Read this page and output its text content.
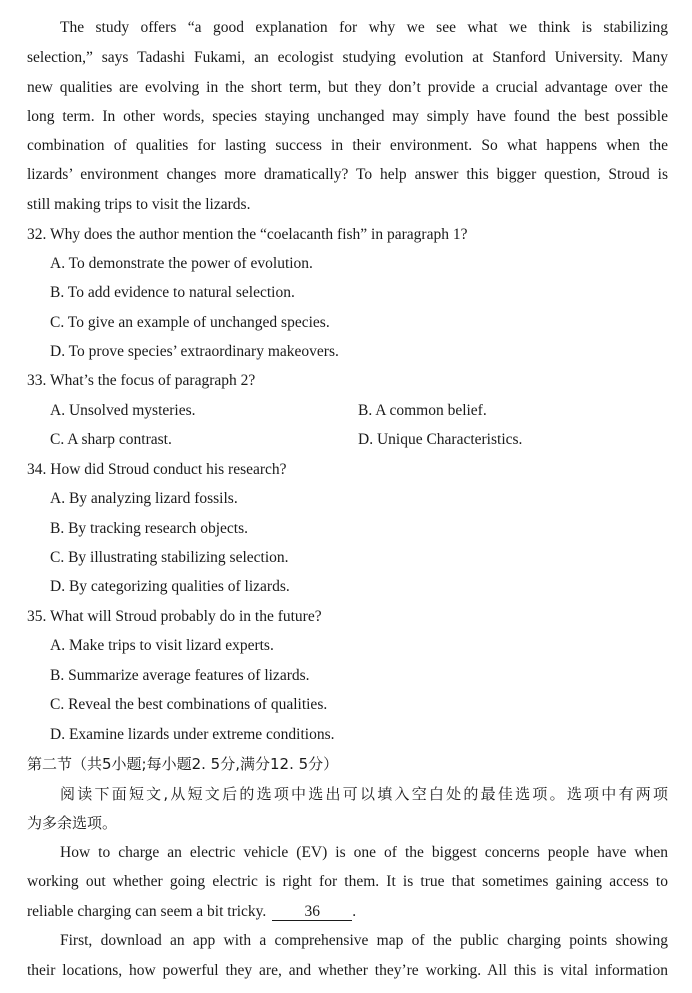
The study offers “a good explanation for why we see what we think is stabilizing
selection,” says Tadashi Fukami, an ecologist studying evolution at Stanford University. Many
new qualities are evolving in the short term, but they don’t provide a crucial advantage over the
long term. In other words, species staying unchanged may simply have found the best possible
combination of qualities for lasting success in their environment. So what happens when the
lizards’ environment changes more dramatically? To help answer this bigger question, Stroud is
still making trips to visit the lizards.
32. Why does the author mention the “coelacanth fish” in paragraph 1?
A. To demonstrate the power of evolution.
B. To add evidence to natural selection.
C. To give an example of unchanged species.
D. To prove species’ extraordinary makeovers.
33. What’s the focus of paragraph 2?
A. Unsolved mysteries.	B. A common belief.
C. A sharp contrast.	D. Unique Characteristics.
34. How did Stroud conduct his research?
A. By analyzing lizard fossils.
B. By tracking research objects.
C. By illustrating stabilizing selection.
D. By categorizing qualities of lizards.
35. What will Stroud probably do in the future?
A. Make trips to visit lizard experts.
B. Summarize average features of lizards.
C. Reveal the best combinations of qualities.
D. Examine lizards under extreme conditions.
第二节（共5小题;每小题2. 5分,满分12. 5分）
阅读下面短文,从短文后的选项中选出可以填入空白处的最佳选项。选项中有两项
为多余选项。
How to charge an electric vehicle (EV) is one of the biggest concerns people have when
working out whether going electric is right for them. It is true that sometimes gaining access to
reliable charging can seem a bit tricky. 36 .
First, download an app with a comprehensive map of the public charging points showing
their locations, how powerful they are, and whether they’re working. All this is vital information
